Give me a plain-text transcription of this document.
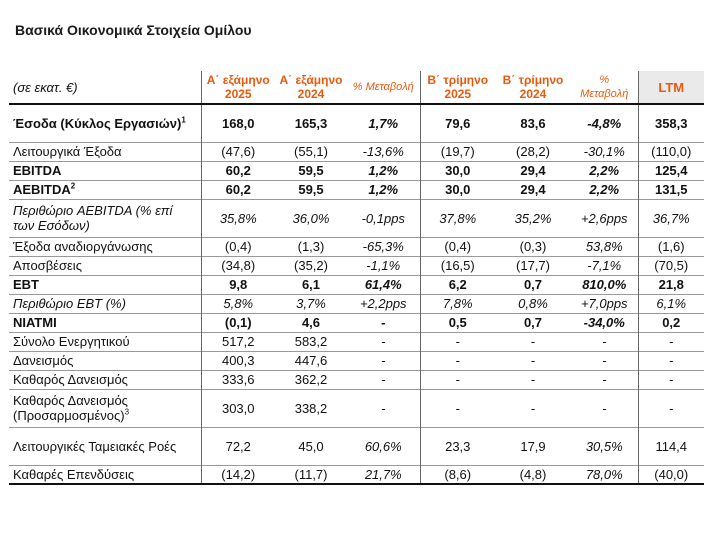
Βασικά Οικονομικά Στοιχεία Ομίλου
(σε εκατ. €)	Α΄ εξάμηνο 2025	Α΄ εξάμηνο 2024	% Μεταβολή	Β΄ τρίμηνο 2025	Β΄ τρίμηνο 2024	% Μεταβολή	LTM
Έσοδα (Κύκλος Εργασιών)$^1$	168,0	165,3	1,7%	79,6	83,6	-4,8%	358,3
Λειτουργικά Έξοδα	(47,6)	(55,1)	-13,6%	(19,7)	(28,2)	-30,1%	(110,0)
EBITDA	60,2	59,5	1,2%	30,0	29,4	2,2%	125,4
AEBITDA$^2$	60,2	59,5	1,2%	30,0	29,4	2,2%	131,5
Περιθώριο AEBITDA (% επί των Εσόδων)	35,8%	36,0%	-0,1pps	37,8%	35,2%	+2,6pps	36,7%
Έξοδα αναδιοργάνωσης	(0,4)	(1,3)	-65,3%	(0,4)	(0,3)	53,8%	(1,6)
Αποσβέσεις	(34,8)	(35,2)	-1,1%	(16,5)	(17,7)	-7,1%	(70,5)
EBT	9,8	6,1	61,4%	6,2	0,7	810,0%	21,8
Περιθώριο EBT (%)	5,8%	3,7%	+2,2pps	7,8%	0,8%	+7,0pps	6,1%
ΝΙΑΤΜΙ	(0,1)	4,6	-	0,5	0,7	-34,0%	0,2
Σύνολο Ενεργητικού	517,2	583,2	-	-	-	-	-
Δανεισμός	400,3	447,6	-	-	-	-	-
Καθαρός Δανεισμός	333,6	362,2	-	-	-	-	-
Καθαρός Δανεισμός $(\Pi\rho o\sigma\alpha\rho\mu o\sigma\mu έ\nu o\varsigma)^3$	303,0	338,2	-	-	-	-	-
Λειτουργικές Ταμειακές Ροές	72,2	45,0	60,6%	23,3	17,9	30,5%	114,4
Καθαρές Επενδύσεις	(14,2)	(11,7)	21,7%	(8,6)	(4,8)	78,0%	(40,0)
